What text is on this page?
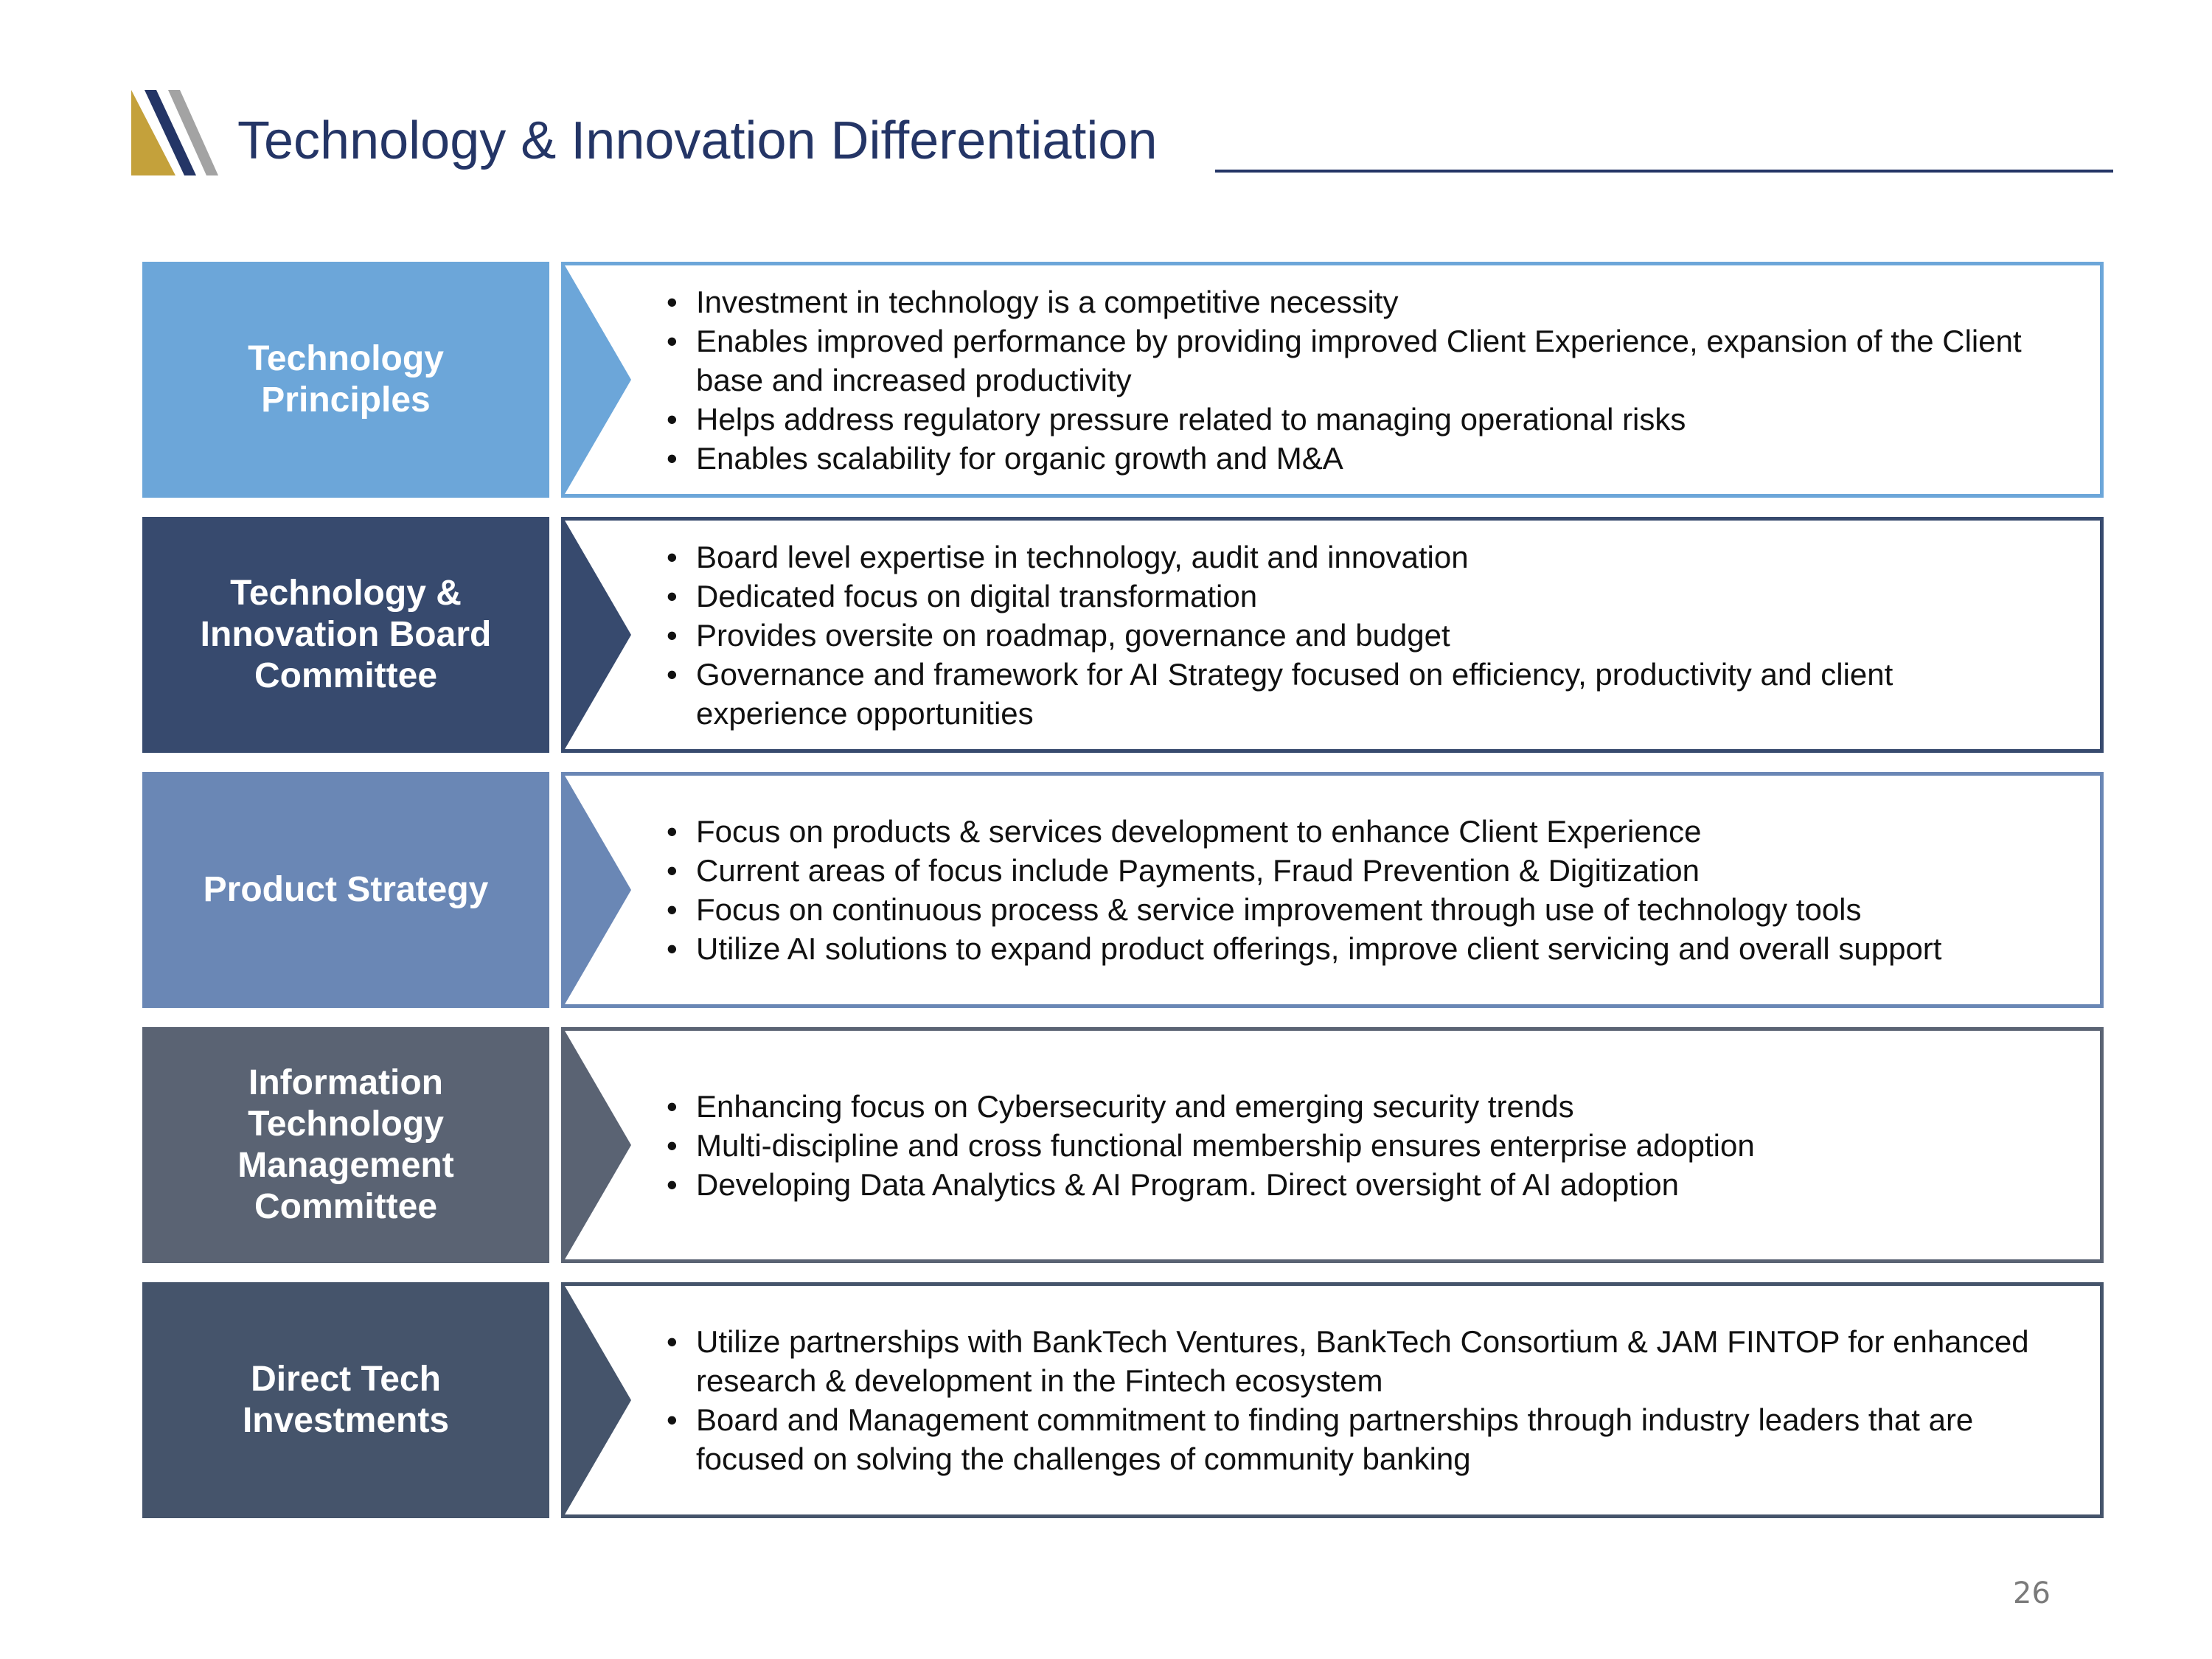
Technology & Innovation Differentiation
Technology Principles
• Investment in technology is a competitive necessity
• Enables improved performance by providing improved Client Experience, expansion of the Client base and increased productivity
• Helps address regulatory pressure related to managing operational risks
• Enables scalability for organic growth and M&A
Technology & Innovation Board Committee
• Board level expertise in technology, audit and innovation
• Dedicated focus on digital transformation
• Provides oversite on roadmap, governance and budget
• Governance and framework for AI Strategy focused on efficiency, productivity and client experience opportunities
Product Strategy
• Focus on products & services development to enhance Client Experience
• Current areas of focus include Payments, Fraud Prevention & Digitization
• Focus on continuous process & service improvement through use of technology tools
• Utilize AI solutions to expand product offerings, improve client servicing and overall support
Information Technology Management Committee
• Enhancing focus on Cybersecurity and emerging security trends
• Multi-discipline and cross functional membership ensures enterprise adoption
• Developing Data Analytics & AI Program. Direct oversight of AI adoption
Direct Tech Investments
• Utilize partnerships with BankTech Ventures, BankTech Consortium & JAM FINTOP for enhanced research & development in the Fintech ecosystem
• Board and Management commitment to finding partnerships through industry leaders that are focused on solving the challenges of community banking
26
